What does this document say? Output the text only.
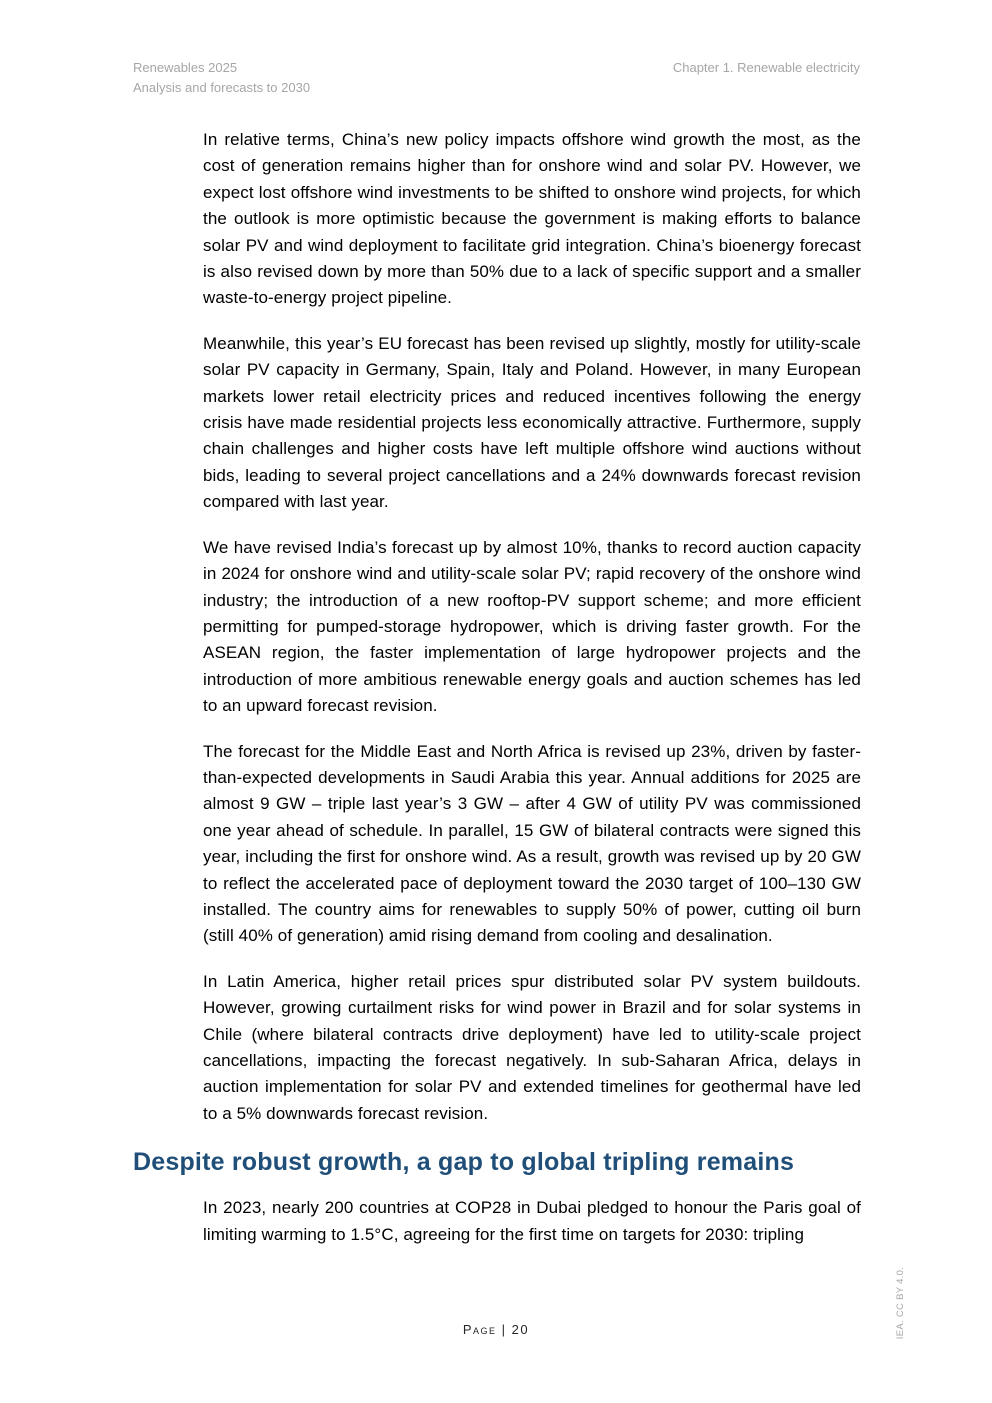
Renewables 2025
Analysis and forecasts to 2030
Chapter 1. Renewable electricity

In relative terms, China’s new policy impacts offshore wind growth the most, as the cost of generation remains higher than for onshore wind and solar PV. However, we expect lost offshore wind investments to be shifted to onshore wind projects, for which the outlook is more optimistic because the government is making efforts to balance solar PV and wind deployment to facilitate grid integration. China’s bioenergy forecast is also revised down by more than 50% due to a lack of specific support and a smaller waste-to-energy project pipeline.

Meanwhile, this year’s EU forecast has been revised up slightly, mostly for utility-scale solar PV capacity in Germany, Spain, Italy and Poland. However, in many European markets lower retail electricity prices and reduced incentives following the energy crisis have made residential projects less economically attractive. Furthermore, supply chain challenges and higher costs have left multiple offshore wind auctions without bids, leading to several project cancellations and a 24% downwards forecast revision compared with last year.

We have revised India’s forecast up by almost 10%, thanks to record auction capacity in 2024 for onshore wind and utility-scale solar PV; rapid recovery of the onshore wind industry; the introduction of a new rooftop-PV support scheme; and more efficient permitting for pumped-storage hydropower, which is driving faster growth. For the ASEAN region, the faster implementation of large hydropower projects and the introduction of more ambitious renewable energy goals and auction schemes has led to an upward forecast revision.

The forecast for the Middle East and North Africa is revised up 23%, driven by faster-than-expected developments in Saudi Arabia this year. Annual additions for 2025 are almost 9 GW – triple last year’s 3 GW – after 4 GW of utility PV was commissioned one year ahead of schedule. In parallel, 15 GW of bilateral contracts were signed this year, including the first for onshore wind. As a result, growth was revised up by 20 GW to reflect the accelerated pace of deployment toward the 2030 target of 100–130 GW installed. The country aims for renewables to supply 50% of power, cutting oil burn (still 40% of generation) amid rising demand from cooling and desalination.

In Latin America, higher retail prices spur distributed solar PV system buildouts. However, growing curtailment risks for wind power in Brazil and for solar systems in Chile (where bilateral contracts drive deployment) have led to utility-scale project cancellations, impacting the forecast negatively. In sub-Saharan Africa, delays in auction implementation for solar PV and extended timelines for geothermal have led to a 5% downwards forecast revision.

Despite robust growth, a gap to global tripling remains

In 2023, nearly 200 countries at COP28 in Dubai pledged to honour the Paris goal of limiting warming to 1.5°C, agreeing for the first time on targets for 2030: tripling

Page | 20	IEA. CC BY 4.0.
